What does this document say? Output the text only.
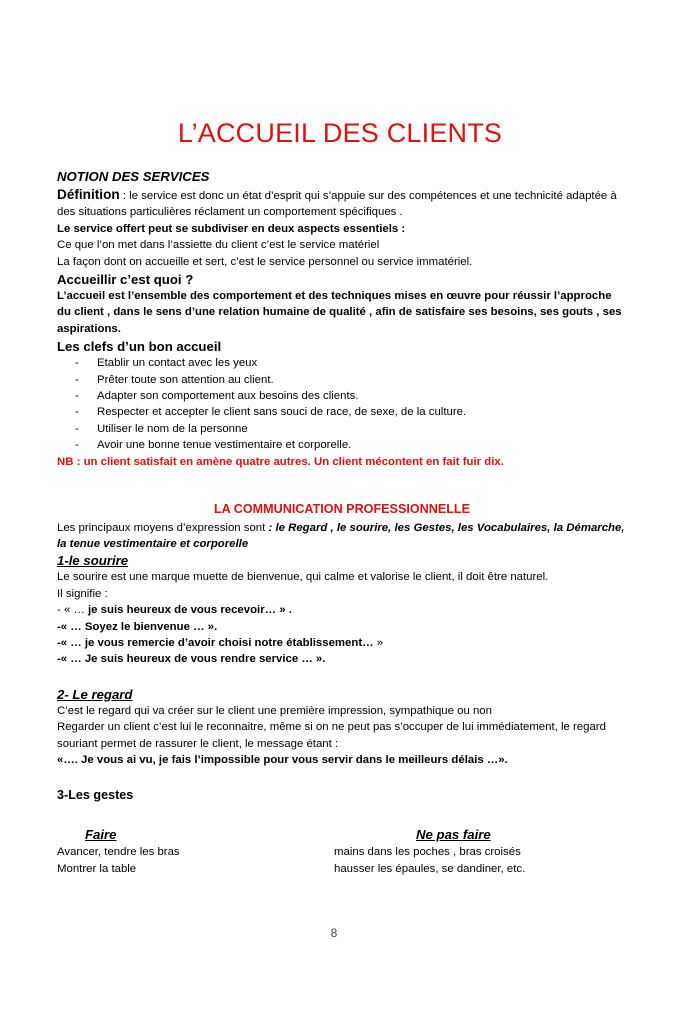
L’ACCUEIL DES CLIENTS

NOTION DES SERVICES

Définition : le service est donc un état d’esprit qui s’appuie sur des compétences et une technicité adaptée à des situations particulières réclament un comportement spécifiques .

Le service offert peut se subdiviser en deux aspects essentiels :

Ce que l’on met dans l’assiette du client c’est le service matériel

La façon dont on accueille et sert, c’est le service personnel ou service immatériel.

Accueillir c’est quoi ?

L’accueil est l’ensemble des comportement et des techniques mises en œuvre pour réussir l’approche du client , dans le sens d’une relation humaine de qualité , afin de satisfaire ses besoins, ses gouts , ses aspirations.

Les clefs d’un bon accueil

- Etablir un contact avec les yeux
- Prêter toute son attention au client.
- Adapter son comportement aux besoins des clients.
- Respecter et accepter le client sans souci de race, de sexe, de la culture.
- Utiliser le nom de la personne
- Avoir une bonne tenue vestimentaire et corporelle.

NB : un client satisfait en amène quatre autres. Un client mécontent en fait fuir dix.

LA COMMUNICATION PROFESSIONNELLE

Les principaux moyens d’expression sont : le Regard , le sourire, les Gestes, les Vocabulaires, la Démarche, la tenue vestimentaire et corporelle

1-le sourire

Le sourire est une marque muette de bienvenue, qui calme et valorise le client, il doit être naturel.

Il signifie :

- « … je suis heureux de vous recevoir… » .

-« … Soyez le bienvenue … ».

-« … je vous remercie d’avoir choisi notre établissement… »

-« … Je suis heureux de vous rendre service … ».

2- Le regard

C’est le regard qui va créer sur le client une première impression, sympathique ou non

Regarder un client c’est lui le reconnaitre, même si on ne peut pas s’occuper de lui immédiatement, le regard souriant permet de rassurer le client, le message étant :

«…. Je vous ai vu, je fais l’impossible pour vous servir dans le meilleurs délais …».

3-Les gestes

Faire
Avancer, tendre les bras
Montrer la table
Ne pas faire
mains dans les poches , bras croisés
hausser les épaules, se dandiner, etc.
8
